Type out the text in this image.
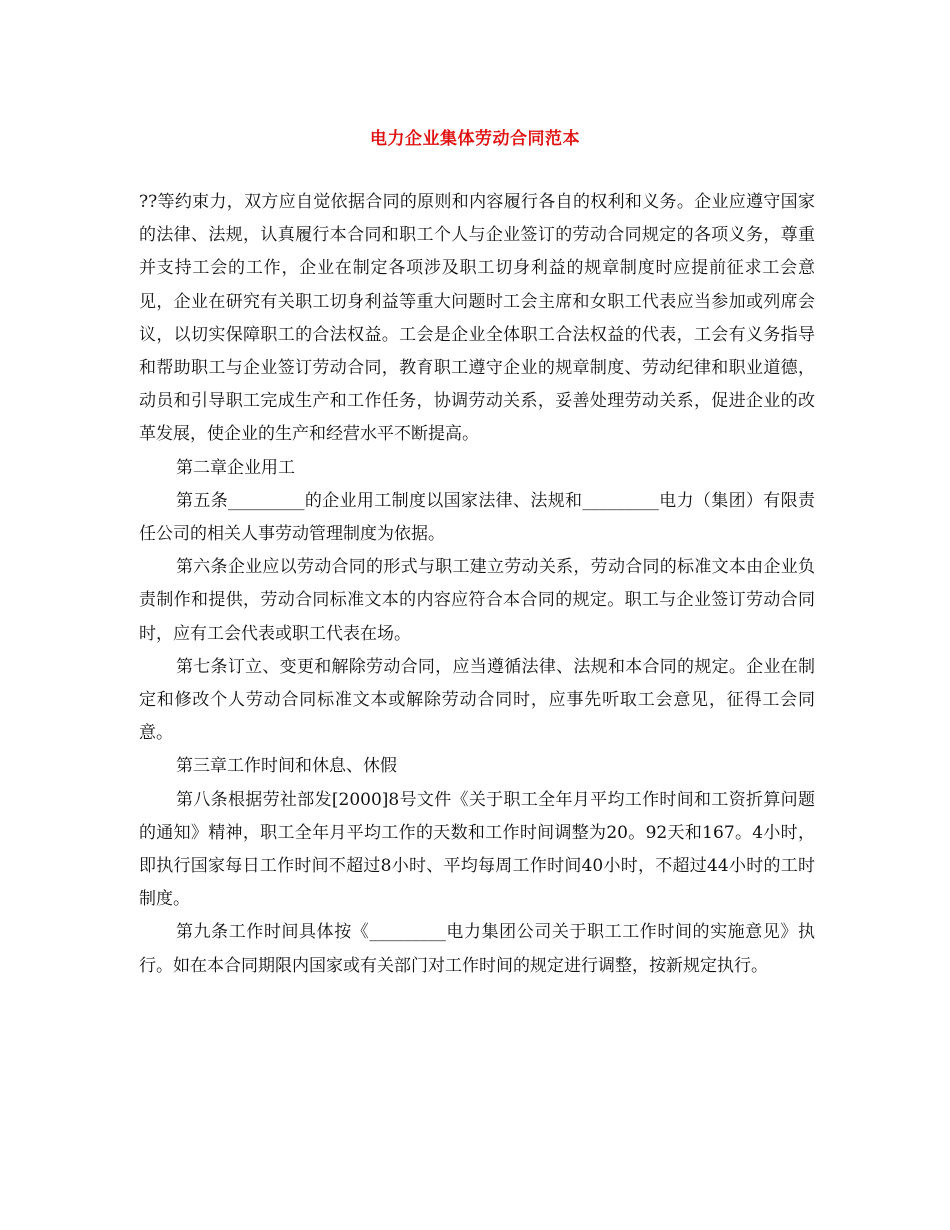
电力企业集体劳动合同范本

??等约束力，双方应自觉依据合同的原则和内容履行各自的权利和义务。企业应遵守国家的法律、法规，认真履行本合同和职工个人与企业签订的劳动合同规定的各项义务，尊重并支持工会的工作，企业在制定各项涉及职工切身利益的规章制度时应提前征求工会意见，企业在研究有关职工切身利益等重大问题时工会主席和女职工代表应当参加或列席会议，以切实保障职工的合法权益。工会是企业全体职工合法权益的代表，工会有义务指导和帮助职工与企业签订劳动合同，教育职工遵守企业的规章制度、劳动纪律和职业道德，动员和引导职工完成生产和工作任务，协调劳动关系，妥善处理劳动关系，促进企业的改革发展，使企业的生产和经营水平不断提高。

第二章企业用工

第五条_________的企业用工制度以国家法律、法规和_________电力（集团）有限责任公司的相关人事劳动管理制度为依据。

第六条企业应以劳动合同的形式与职工建立劳动关系，劳动合同的标准文本由企业负责制作和提供，劳动合同标准文本的内容应符合本合同的规定。职工与企业签订劳动合同时，应有工会代表或职工代表在场。

第七条订立、变更和解除劳动合同，应当遵循法律、法规和本合同的规定。企业在制定和修改个人劳动合同标准文本或解除劳动合同时，应事先听取工会意见，征得工会同意。

第三章工作时间和休息、休假

第八条根据劳社部发[2000]8号文件《关于职工全年月平均工作时间和工资折算问题的通知》精神，职工全年月平均工作的天数和工作时间调整为20。92天和167。4小时，即执行国家每日工作时间不超过8小时、平均每周工作时间40小时，不超过44小时的工时制度。

第九条工作时间具体按《_________电力集团公司关于职工工作时间的实施意见》执行。如在本合同期限内国家或有关部门对工作时间的规定进行调整，按新规定执行。
